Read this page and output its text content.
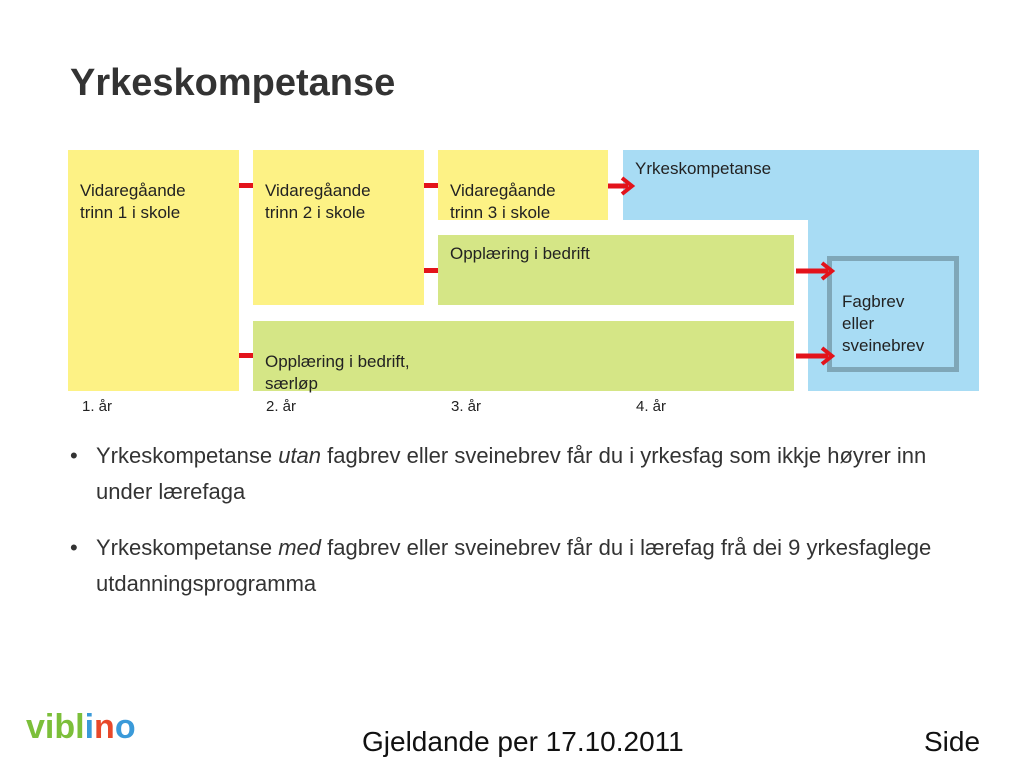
Yrkeskompetanse
Yrkeskompetanse

Fagbrev
eller
sveinebrev

Vidaregåande
trinn 1 i skole

Vidaregåande
trinn 2 i skole

Vidaregåande
trinn 3 i skole

Opplæring i bedrift

Opplæring i bedrift,
særløp

1. år	2. år	3. år	4. år
• Yrkeskompetanse utan fagbrev eller sveinebrev får du i yrkesfag som ikkje høyrer inn under lærefaga
• Yrkeskompetanse med fagbrev eller sveinebrev får du i lærefag frå dei 9 yrkesfaglege utdanningsprogramma
viblino	Gjeldande per 17.10.2011	Side
